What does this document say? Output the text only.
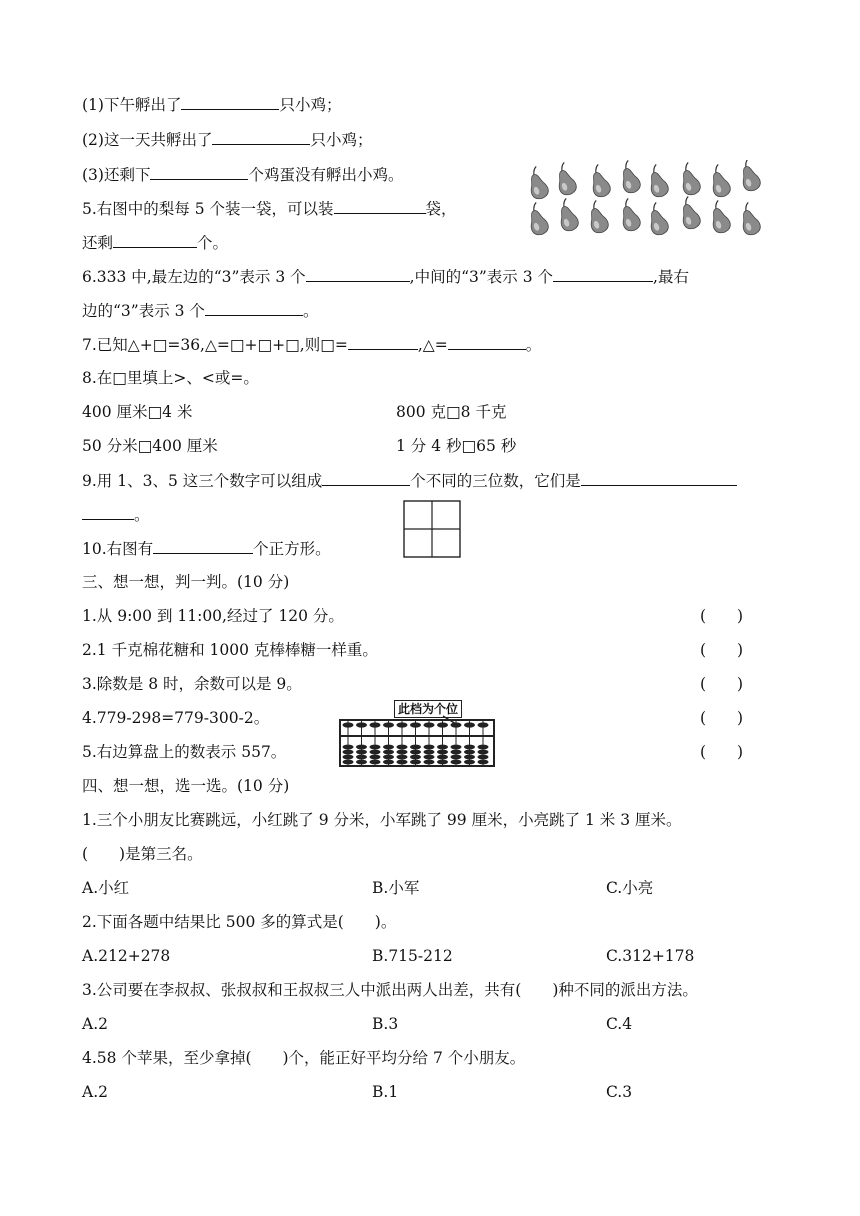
(1)下午孵出了	只小鸡；
(2)这一天共孵出了	只小鸡；
(3)还剩下	个鸡蛋没有孵出小鸡。
5.右图中的梨每 5 个装一袋，可以装	袋，
还剩	个。
6.333 中,最左边的“3”表示 3 个	,中间的“3”表示 3 个	,最右
边的“3”表示 3 个	。
7.已知△+□=36,△=□+□+□,则□=	,△=	。
8.在□里填上>、<或=。
400 厘米□4 米	800 克□8 千克
50 分米□400 厘米	1 分 4 秒□65 秒
9.用 1、3、5 这三个数字可以组成	个不同的三位数，它们是
。
10.右图有	个正方形。
三、想一想，判一判。(10 分)
1.从 9:00 到 11:00,经过了 120 分。	(　　)
2.1 千克棉花糖和 1000 克棒棒糖一样重。	(　　)
3.除数是 8 时，余数可以是 9。	(　　)
4.779-298=779-300-2。	(　　)
5.右边算盘上的数表示 557。	(　　)
此档为个位
四、想一想，选一选。(10 分)
1.三个小朋友比赛跳远，小红跳了 9 分米，小军跳了 99 厘米，小亮跳了 1 米 3 厘米。
(　　)是第三名。
A.小红	B.小军	C.小亮
2.下面各题中结果比 500 多的算式是(　　)。
A.212+278	B.715-212	C.312+178
3.公司要在李叔叔、张叔叔和王叔叔三人中派出两人出差，共有(　　)种不同的派出方法。
A.2	B.3	C.4
4.58 个苹果，至少拿掉(　　)个，能正好平均分给 7 个小朋友。
A.2	B.1	C.3
